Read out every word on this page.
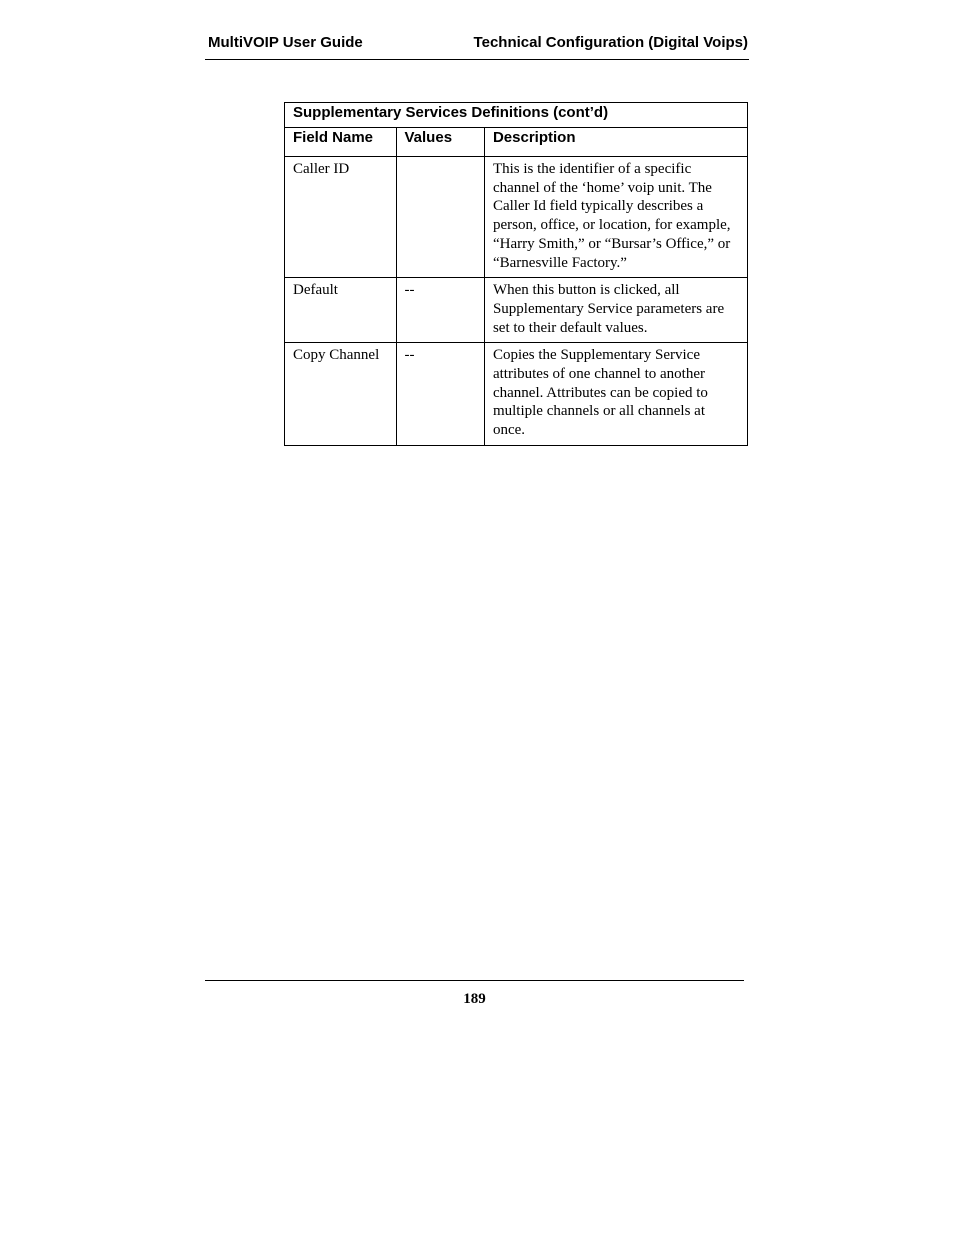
MultiVOIP User Guide	Technical Configuration (Digital Voips)
Supplementary Services Definitions (cont’d)		
Field Name	Values	Description
Caller ID		This is the identifier of a specific channel of the ‘home’ voip unit. The Caller Id field typically describes a person, office, or location, for example, “Harry Smith,” or “Bursar’s Office,” or “Barnesville Factory.”
Default	--	When this button is clicked, all Supplementary Service parameters are set to their default values.
Copy Channel	--	Copies the Supplementary Service attributes of one channel to another channel. Attributes can be copied to multiple channels or all channels at once.
189
